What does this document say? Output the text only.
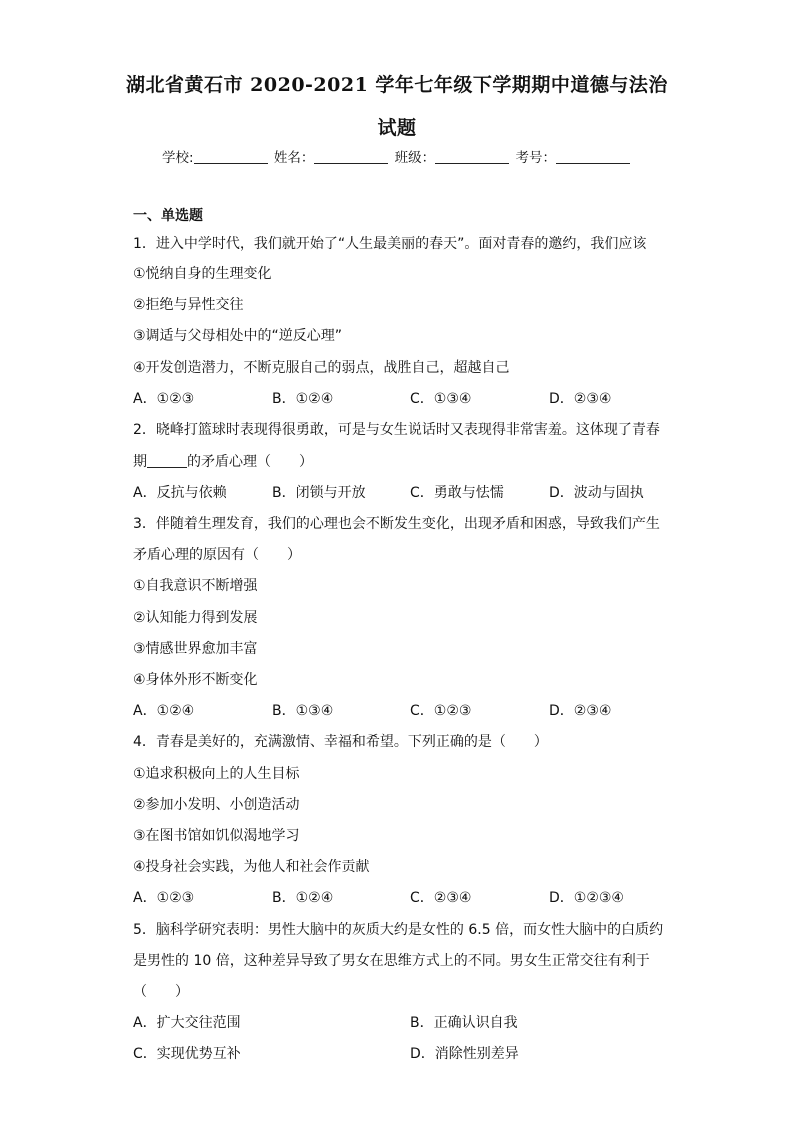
湖北省黄石市 2020-2021 学年七年级下学期期中道德与法治
试题
学校:	姓名：	班级：	考号：
一、单选题
1．进入中学时代，我们就开始了“人生最美丽的春天”。面对青春的邀约，我们应该
①悦纳自身的生理变化
②拒绝与异性交往
③调适与父母相处中的“逆反心理”
④开发创造潜力，不断克服自己的弱点，战胜自己，超越自己
A．①②③	B．①②④	C．①③④	D．②③④
2．晓峰打篮球时表现得很勇敢，可是与女生说话时又表现得非常害羞。这体现了青春
期	的矛盾心理（　　）
A．反抗与依赖	B．闭锁与开放	C．勇敢与怯懦	D．波动与固执
3．伴随着生理发育，我们的心理也会不断发生变化，出现矛盾和困惑，导致我们产生
矛盾心理的原因有（　　）
①自我意识不断增强
②认知能力得到发展
③情感世界愈加丰富
④身体外形不断变化
A．①②④	B．①③④	C．①②③	D．②③④
4．青春是美好的，充满激情、幸福和希望。下列正确的是（　　）
①追求积极向上的人生目标
②参加小发明、小创造活动
③在图书馆如饥似渴地学习
④投身社会实践，为他人和社会作贡献
A．①②③	B．①②④	C．②③④	D．①②③④
5．脑科学研究表明：男性大脑中的灰质大约是女性的 6.5 倍，而女性大脑中的白质约
是男性的 10 倍，这种差异导致了男女在思维方式上的不同。男女生正常交往有利于
（　　）
A．扩大交往范围	B．正确认识自我
C．实现优势互补	D．消除性别差异
